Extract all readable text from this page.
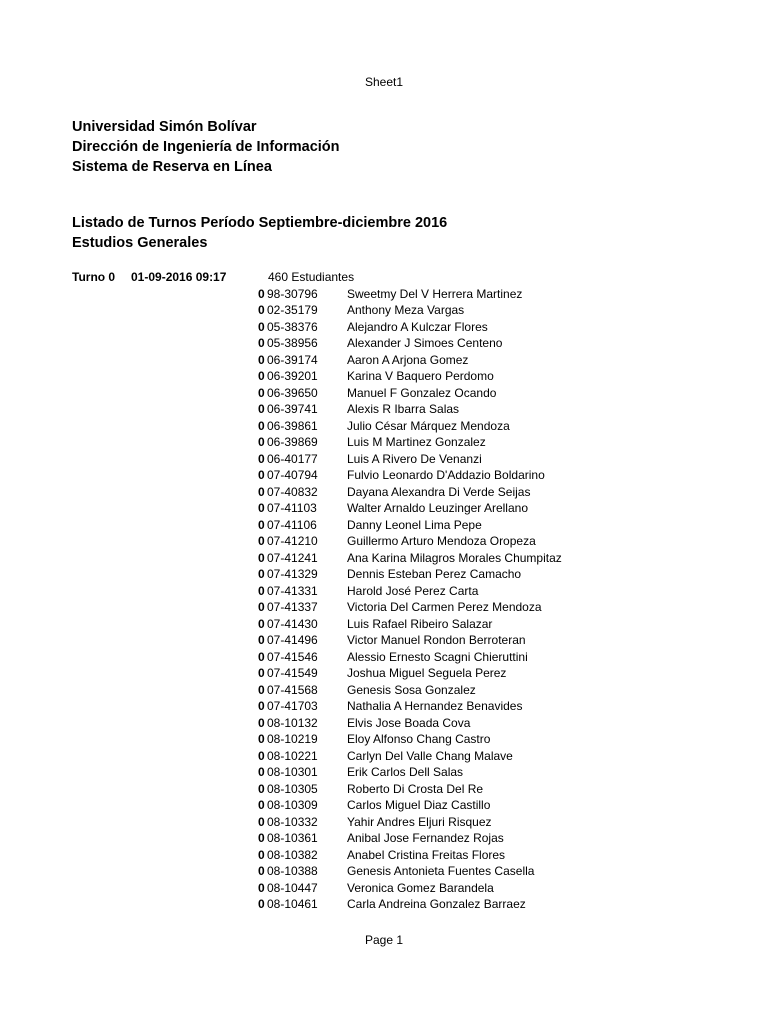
Sheet1
Universidad Simón Bolívar
Dirección de Ingeniería de Información
Sistema de Reserva en Línea
Listado de Turnos Período Septiembre-diciembre 2016
Estudios Generales
Turno 0 01-09-2016 09:17	460 Estudiantes
0 98-30796 Sweetmy Del V Herrera Martinez
0 02-35179 Anthony Meza Vargas
0 05-38376 Alejandro A Kulczar Flores
0 05-38956 Alexander J Simoes Centeno
0 06-39174 Aaron A Arjona Gomez
0 06-39201 Karina V Baquero Perdomo
0 06-39650 Manuel F Gonzalez Ocando
0 06-39741 Alexis R Ibarra Salas
0 06-39861 Julio César Márquez Mendoza
0 06-39869 Luis M Martinez Gonzalez
0 06-40177 Luis A Rivero De Venanzi
0 07-40794 Fulvio Leonardo D'Addazio Boldarino
0 07-40832 Dayana Alexandra Di Verde Seijas
0 07-41103	Walter Arnaldo Leuzinger Arellano
0 07-41106	Danny Leonel Lima Pepe
0 07-41210 Guillermo Arturo Mendoza Oropeza
0 07-41241 Ana Karina Milagros Morales Chumpitaz
0 07-41329 Dennis Esteban Perez Camacho
0 07-41331 Harold José Perez Carta
0 07-41337 Victoria Del Carmen Perez Mendoza
0 07-41430 Luis Rafael Ribeiro Salazar
0 07-41496 Victor Manuel Rondon Berroteran
0 07-41546 Alessio Ernesto Scagni Chieruttini
0 07-41549 Joshua Miguel Seguela Perez
0 07-41568 Genesis Sosa Gonzalez
0 07-41703 Nathalia A Hernandez Benavides
0 08-10132 Elvis Jose Boada Cova
0 08-10219 Eloy Alfonso Chang Castro
0 08-10221 Carlyn Del Valle Chang Malave
0 08-10301 Erik Carlos Dell Salas
0 08-10305 Roberto Di Crosta Del Re
0 08-10309 Carlos Miguel Diaz Castillo
0 08-10332 Yahir Andres Eljuri Risquez
0 08-10361 Anibal Jose Fernandez Rojas
0 08-10382 Anabel Cristina Freitas Flores
0 08-10388 Genesis Antonieta Fuentes Casella
0 08-10447 Veronica Gomez Barandela
0 08-10461 Carla Andreina Gonzalez Barraez
Page 1
